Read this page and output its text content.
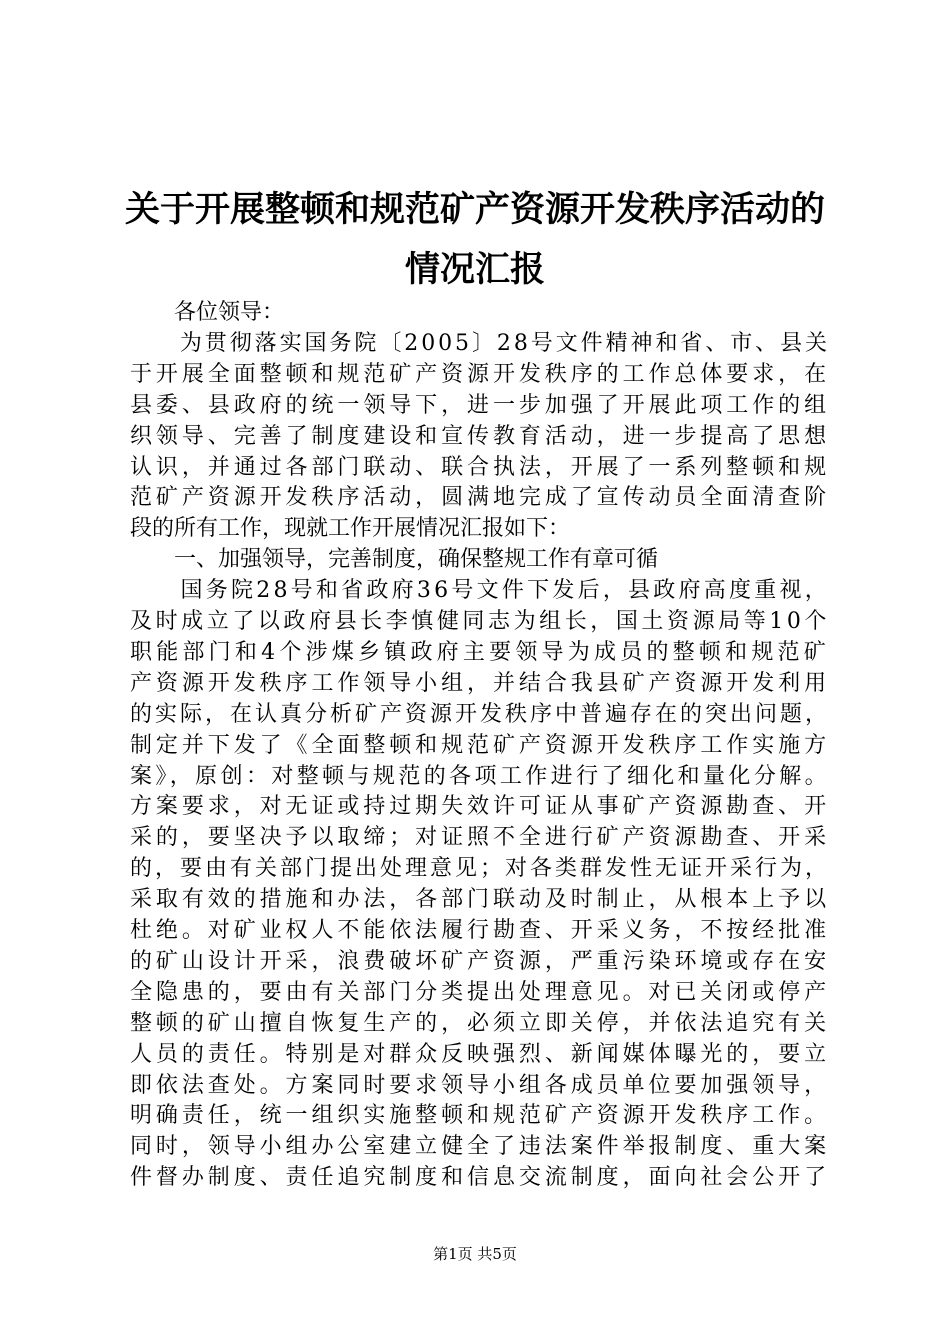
关于开展整顿和规范矿产资源开发秩序活动的
情况汇报
　　各位领导：
　　为贯彻落实国务院〔2005〕28号文件精神和省、市、县关
于开展全面整顿和规范矿产资源开发秩序的工作总体要求，在
县委、县政府的统一领导下，进一步加强了开展此项工作的组
织领导、完善了制度建设和宣传教育活动，进一步提高了思想
认识，并通过各部门联动、联合执法，开展了一系列整顿和规
范矿产资源开发秩序活动，圆满地完成了宣传动员全面清查阶
段的所有工作，现就工作开展情况汇报如下：
　　一、加强领导，完善制度，确保整规工作有章可循
　　国务院28号和省政府36号文件下发后，县政府高度重视，
及时成立了以政府县长李慎健同志为组长，国土资源局等10个
职能部门和4个涉煤乡镇政府主要领导为成员的整顿和规范矿
产资源开发秩序工作领导小组，并结合我县矿产资源开发利用
的实际，在认真分析矿产资源开发秩序中普遍存在的突出问题，
制定并下发了《全面整顿和规范矿产资源开发秩序工作实施方
案》，原创：对整顿与规范的各项工作进行了细化和量化分解。
方案要求，对无证或持过期失效许可证从事矿产资源勘查、开
采的，要坚决予以取缔；对证照不全进行矿产资源勘查、开采
的，要由有关部门提出处理意见；对各类群发性无证开采行为，
采取有效的措施和办法，各部门联动及时制止，从根本上予以
杜绝。对矿业权人不能依法履行勘查、开采义务，不按经批准
的矿山设计开采，浪费破坏矿产资源，严重污染环境或存在安
全隐患的，要由有关部门分类提出处理意见。对已关闭或停产
整顿的矿山擅自恢复生产的，必须立即关停，并依法追究有关
人员的责任。特别是对群众反映强烈、新闻媒体曝光的，要立
即依法查处。方案同时要求领导小组各成员单位要加强领导，
明确责任，统一组织实施整顿和规范矿产资源开发秩序工作。
同时，领导小组办公室建立健全了违法案件举报制度、重大案
件督办制度、责任追究制度和信息交流制度，面向社会公开了
第1页 共5页
